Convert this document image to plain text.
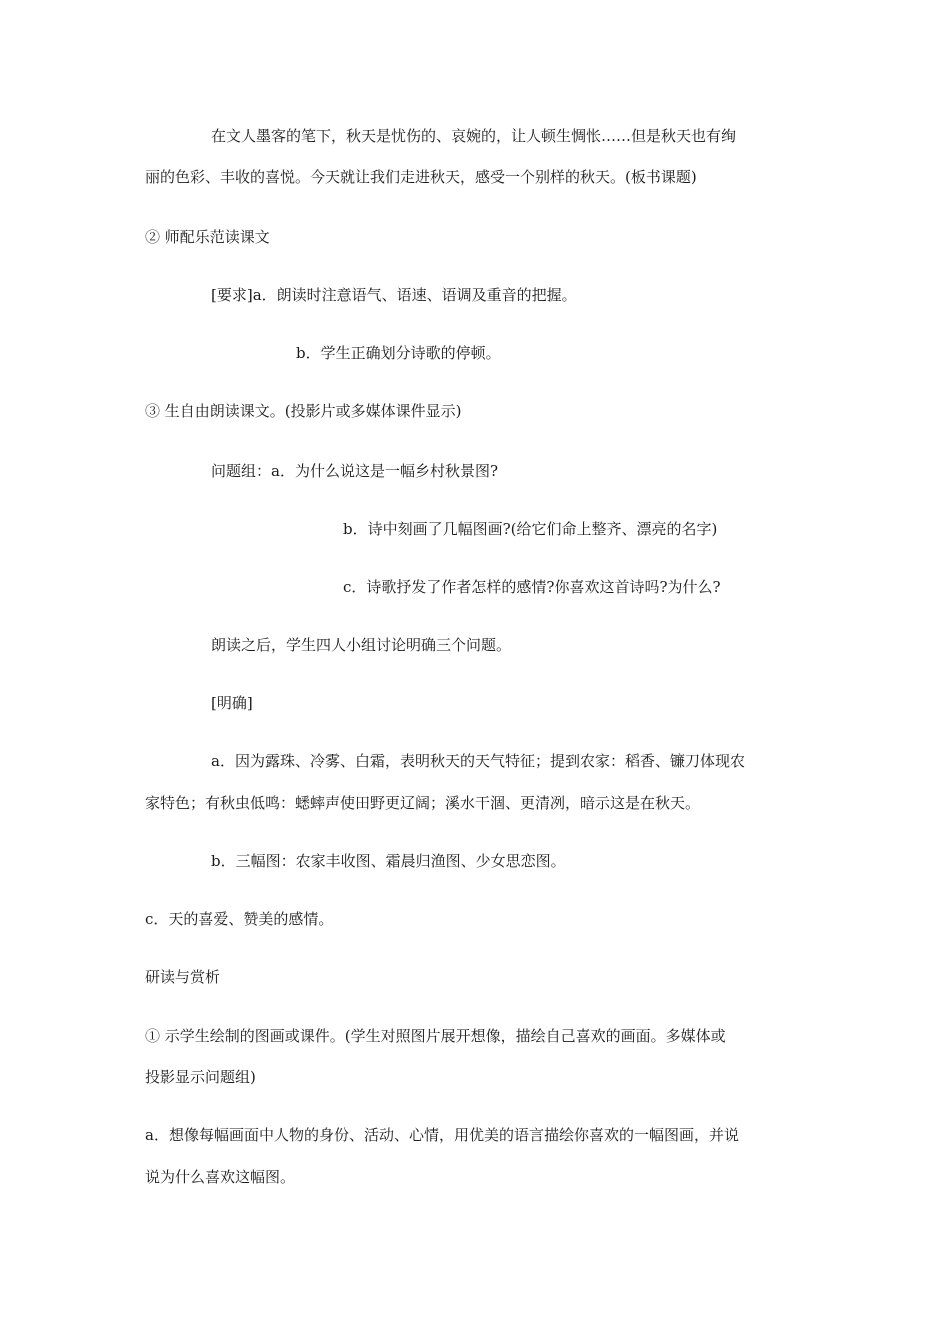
在文人墨客的笔下，秋天是忧伤的、哀婉的，让人顿生惆怅……但是秋天也有绚
丽的色彩、丰收的喜悦。今天就让我们走进秋天，感受一个别样的秋天。(板书课题)
② 师配乐范读课文
[要求]a．朗读时注意语气、语速、语调及重音的把握。
b．学生正确划分诗歌的停顿。
③ 生自由朗读课文。(投影片或多媒体课件显示)
问题组：a．为什么说这是一幅乡村秋景图?
b．诗中刻画了几幅图画?(给它们命上整齐、漂亮的名字)
c．诗歌抒发了作者怎样的感情?你喜欢这首诗吗?为什么?
朗读之后，学生四人小组讨论明确三个问题。
[明确]
a．因为露珠、冷雾、白霜，表明秋天的天气特征；提到农家：稻香、镰刀体现农
家特色；有秋虫低鸣：蟋蟀声使田野更辽阔；溪水干涸、更清冽，暗示这是在秋天。
b．三幅图：农家丰收图、霜晨归渔图、少女思恋图。
c．天的喜爱、赞美的感情。
研读与赏析
① 示学生绘制的图画或课件。(学生对照图片展开想像，描绘自己喜欢的画面。多媒体或
投影显示问题组)
a．想像每幅画面中人物的身份、活动、心情，用优美的语言描绘你喜欢的一幅图画，并说
说为什么喜欢这幅图。
